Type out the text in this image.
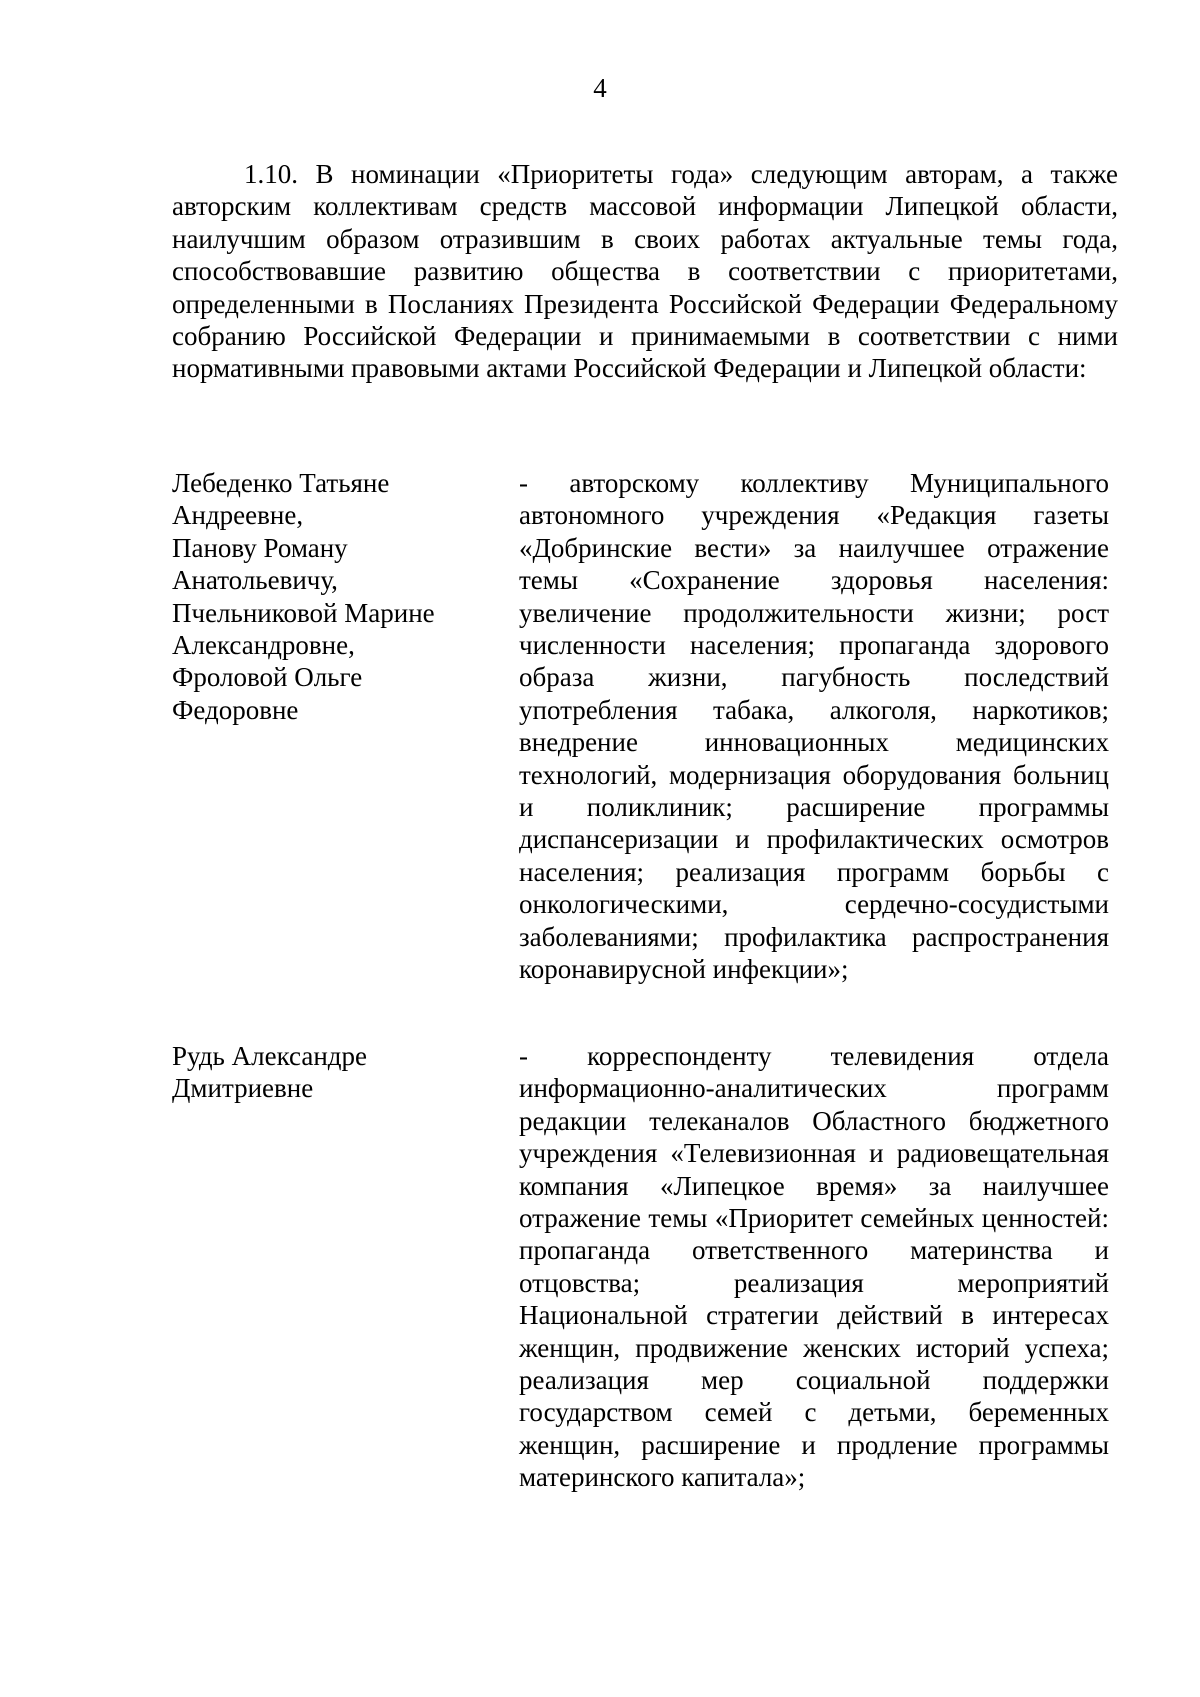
4

1.10. В номинации «Приоритеты года» следующим авторам, а также авторским коллективам средств массовой информации Липецкой области, наилучшим образом отразившим в своих работах актуальные темы года, способствовавшие развитию общества в соответствии с приоритетами, определенными в Посланиях Президента Российской Федерации Федеральному собранию Российской Федерации и принимаемыми в соответствии с ними нормативными правовыми актами Российской Федерации и Липецкой области:

Лебеденко Татьяне
Андреевне,
Панову Роману
Анатольевичу,
Пчельниковой Марине
Александровне,
Фроловой Ольге
Федоровне

- авторскому коллективу Муниципального автономного учреждения «Редакция газеты «Добринские вести» за наилучшее отражение темы «Сохранение здоровья населения: увеличение продолжительности жизни; рост численности населения; пропаганда здорового образа жизни, пагубность последствий употребления табака, алкоголя, наркотиков; внедрение инновационных медицинских технологий, модернизация оборудования больниц и поликлиник; расширение программы диспансеризации и профилактических осмотров населения; реализация программ борьбы с онкологическими, сердечно-сосудистыми заболеваниями; профилактика распространения коронавирусной инфекции»;

Рудь Александре
Дмитриевне

- корреспонденту телевидения отдела информационно-аналитических программ редакции телеканалов Областного бюджетного учреждения «Телевизионная и радиовещательная компания «Липецкое время» за наилучшее отражение темы «Приоритет семейных ценностей: пропаганда ответственного материнства и отцовства; реализация мероприятий Национальной стратегии действий в интересах женщин, продвижение женских историй успеха; реализация мер социальной поддержки государством семей с детьми, беременных женщин, расширение и продление программы материнского капитала»;
